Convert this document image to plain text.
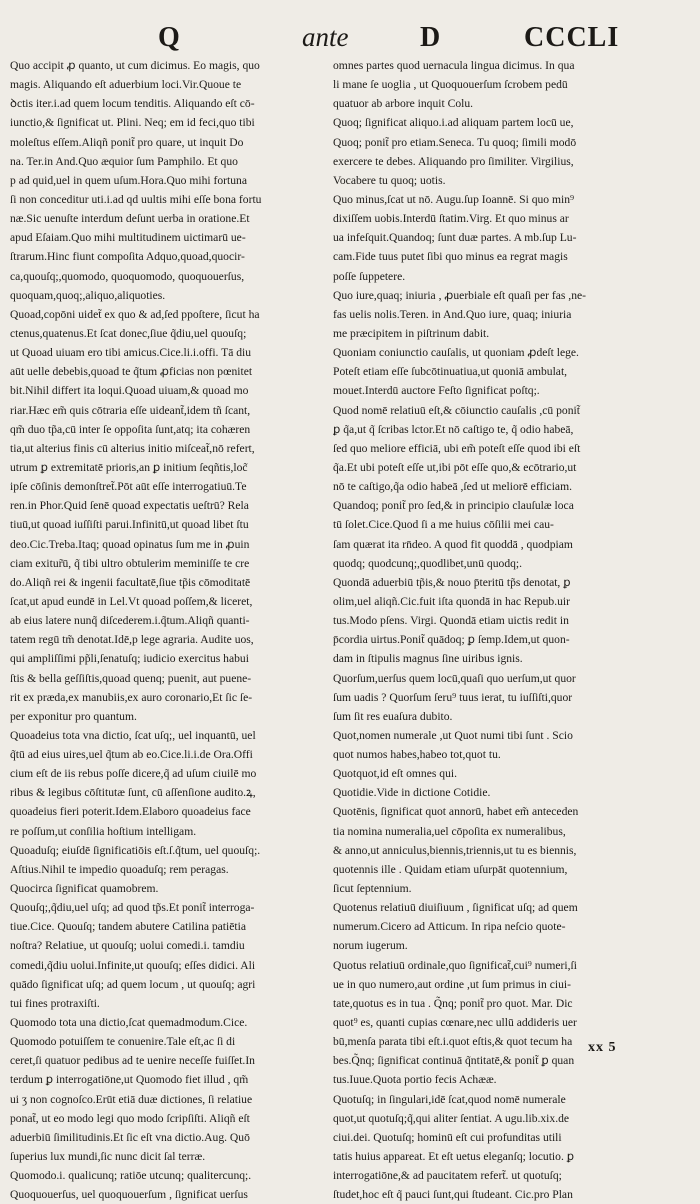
Q	ante	D	CCCLI
Quo accipit ꝓ quanto, ut cum dicimus. Eo magis, quo
magis. Aliquando eſt aduerbium loci.Vir.Quoue te
ꝺctis iter.i.ad quem locum tenditis. Aliquando eſt cō-
iunctio,& ſignificat ut. Plini. Neq; em id feci,quo tibi
moleſtus eſſem.Aliqñ ponit̃ pro quare, ut inquit Do
na. Ter.in And.Quo æquior ſum Pamphilo. Et quo
p ad quid,uel in quem uſum.Hora.Quo mihi fortuna
ſi non conceditur uti.i.ad qd uultis mihi eſſe bona fortu
næ.Sic uenuſte interdum deſunt uerba in oratione.Et
apud Eſaiam.Quo mihi multitudinem uictimarū ue-
ſtrarum.Hinc fiunt compoſita Adquo,quoad,quocir-
ca,quouſq;,quomodo, quoquomodo, quoquouerſus,
quoquam,quoq;,aliquo,aliquoties.
Quoad,copōni uidet̃ ex quo & ad,ſed ppoſtere, ſicut ha
ctenus,quatenus.Et ſcat donec,ſiue q̃diu,uel quouſq;
ut Quoad uiuam ero tibi amicus.Cice.li.i.offi. Tā diu
aūt uelle debebis,quoad te q̃tum ꝓficias non pœnitet
bit.Nihil differt ita loqui.Quoad uiuam,& quoad mo
riar.Hæc em̃ quis cōtraria eſſe uideant̃,idem tñ ſcant,
qm̃ duo tp̃a,cū inter ſe oppoſita ſunt,atq; ita cohæren
tia,ut alterius finis cū alterius initio miſceat̃,nō refert,
utrum ꝑ extremitatē prioris,an ꝑ initium ſeqñtis,loc̃
ipſe cōſinis demonſtret̃.Pōt aūt eſſe interrogatiuū.Te
ren.in Phor.Quid ſenē quoad expectatis ueſtrū? Rela
tiuū,ut quoad iuſſiſti parui.Infinitū,ut quoad libet ſtu
deo.Cic.Treba.Itaq; quoad opinatus ſum me in ꝓuin
ciam exitur̃ū, q̃ tibi ultro obtulerim meminiſſe te cre
do.Aliqñ rei & ingenii facultatē,ſiue tp̃is cōmoditatē
ſcat,ut apud eundē in Lel.Vt quoad poſſem,& liceret,
ab eius latere nunq̃ diſcederem.i.q̃tum.Aliqñ quanti-
tatem regū tm̃ denotat.Idē,p lege agraria. Audite uos,
qui ampliſſimi pp̃li,ſenatuſq; iudicio exercitus habui
ſtis & bella geſſiſtis,quoad quenq; puenit, aut puene-
rit ex præda,ex manubiis,ex auro coronario,Et ſic ſe-
per exponitur pro quantum.
Quoadeius tota vna dictio, ſcat uſq;, uel inquantū, uel
q̃tū ad eius uires,uel q̃tum ab eo.Cice.li.i.de Ora.Offi
cium eſt de iis rebus poſſe dicere,q̃ ad uſum ciuilē mo
ribus & legibus cōſtitutæ ſunt, cū aſſenſione audito.ꝝ,
quoadeius fieri poterit.Idem.Elaboro quoadeius face
re poſſum,ut conſilia hoſtium intelligam.
Quoaduſq; eiuſdē ſignificatiōis eſt.ſ.q̃tum, uel quouſq;.
Aſtius.Nihil te impedio quoaduſq; rem peragas.
Quocirca ſignificat quamobrem.
Quouſq;,q̃diu,uel uſq; ad quod tp̃s.Et ponit̃ interroga-
tiue.Cice. Quouſq; tandem abutere Catilina patiētia
noſtra? Relatiue, ut quouſq; uolui comedi.i. tamdiu
comedi,q̃diu uolui.Infinite,ut quouſq; eſſes didici. Ali
quādo ſignificat uſq; ad quem locum , ut quouſq; agri
tui fines protraxiſti.
Quomodo tota una dictio,ſcat quemadmodum.Cice.
Quomodo potuiſſem te conuenire.Tale eſt,ac ſi di
ceret,ſi quatuor pedibus ad te uenire neceſſe fuiſſet.In
terdum ꝑ interrogatiōne,ut Quomodo fiet illud , qm̃
ui ʒ non cognoſco.Erūt etiā duæ dictiones, ſi relatiue
ponat̃, ut eo modo legi quo modo ſcripſiſti. Aliqñ eſt
aduerbiū ſimilitudinis.Et ſic eſt vna dictio.Aug. Quō
ſuperius lux mundi,ſic nunc dicit ſal terræ.
Quomodo.i. qualicunq; ratiōe utcunq; qualitercunq;.
Quoquouerſus, uel quoquouerſum , ſignificat uerſus
omnes partes quod uernacula lingua dicimus. In qua
li mane ſe uoglia , ut Quoquouerſum ſcrobem pedū
quatuor ab arbore inquit Colu.
Quoq; ſignificat aliquo.i.ad aliquam partem locū ue,
Quoq; ponit̃ pro etiam.Seneca. Tu quoq; ſimili modō
exercere te debes. Aliquando pro ſimiliter. Virgilius,
Vocabere tu quoq; uotis.
Quo minus,ſcat ut nō. Augu.ſup Ioannē. Si quo min⁹
dixiſſem uobis.Interdū ſtatim.Virg. Et quo minus ar
ua infeſquit.Quandoq; ſunt duæ partes. A mb.ſup Lu-
cam.Fide tuus putet ſibi quo minus ea regrat magis
poſſe ſuppetere.
Quo iure,quaq; iniuria , ꝓuerbiale eſt quaſi per fas ,ne-
fas uelis nolis.Teren. in And.Quo iure, quaq; iniuria
me præcipitem in piſtrinum dabit.
Quoniam coniunctio cauſalis, ut quoniam ꝓdeſt lege.
Poteſt etiam eſſe ſubcōtinuatiua,ut quoniā ambulat,
mouet.Interdū auctore Feſto ſignificat poſtq;.
Quod nomē relatiuū eſt,& cōiunctio cauſalis ,cū ponit̃
ꝑ q̃a,ut q̃ ſcribas lctor.Et nō caſtigo te, q̃ odio habeā,
ſed quo meliore efficiā, ubi em̃ poteſt eſſe quod ibi eſt
q̃a.Et ubi poteſt eſſe ut,ibi pōt eſſe quo,& ecōtrario,ut
nō te caſtigo,q̃a odio habeā ,ſed ut meliorē efficiam.
Quandoq; ponit̃ pro ſed,& in principio clauſulæ loca
tū ſolet.Cice.Quod ſi a me huius cōſilii mei cau-
ſam quærat ita rn̄deo. A quod fit quoddā , quodpiam
quodq; quodcunq;,quodlibet,unū quodq;.
Quondā aduerbiū tp̃is,& nouo p̄teritū tp̃s denotat, ꝑ
olim,uel aliqñ.Cic.fuit iſta quondā in hac Repub.uir
tus.Modo pſens. Virgi. Quondā etiam uictis redit in
p̄cordia uirtus.Ponit̃ quādoq; ꝑ ſemp.Idem,ut quon-
dam in ſtipulis magnus ſine uiribus ignis.
Quorſum,uerſus quem locū,quaſi quo uerſum,ut quor
ſum uadis ? Quorſum ſeru⁹ tuus ierat, tu iuſſiſti,quor
ſum ſit res euaſura dubito.
Quot,nomen numerale ,ut Quot numi tibi ſunt . Scio
quot numos habes,habeo tot,quot tu.
Quotquot,id eſt omnes qui.
Quotidie.Vide in dictione Cotidie.
Quotēnis, ſignificat quot annorū, habet em̃ anteceden
tia nomina numeralia,uel cōpoſita ex numeralibus,
& anno,ut anniculus,biennis,triennis,ut tu es biennis,
quotennis ille . Quidam etiam uſurpāt quotennium,
ſicut ſeptennium.
Quotenus relatiuū diuiſiuum , ſignificat uſq; ad quem
numerum.Cicero ad Atticum. In ripa neſcio quote-
norum iugerum.
Quotus relatiuū ordinale,quo ſignificat̃,cui⁹ numeri,ſi
ue in quo numero,aut ordine ,ut ſum primus in ciui-
tate,quotus es in tua . Q̃nq; ponit̃ pro quot. Mar. Dic
quot⁹ es, quanti cupias cœnare,nec ullū addideris uer
bū,menſa parata tibi eſt.i.quot eſtis,& quot tecum ha
bes.Q̃nq; ſignificat continuā q̃ntitatē,& ponit̃ ꝑ quan
tus.Iuue.Quota portio fecis Achææ.
Quotuſq; in ſingulari,idē ſcat,quod nomē numerale
quot,ut quotuſq;q̃,qui aliter ſentiat. A ugu.lib.xix.de
ciui.dei. Quotuſq; hominū eſt cui profunditas utili
tatis huius appareat. Et eſt uetus eleganſq; locutio. ꝑ
interrogatiōne,& ad paucitatem refert̃. ut quotuſq;
ſtudet,hoc eſt q̃ pauci ſunt,qui ſtudeant. Cic.pro Plan
xx 5
